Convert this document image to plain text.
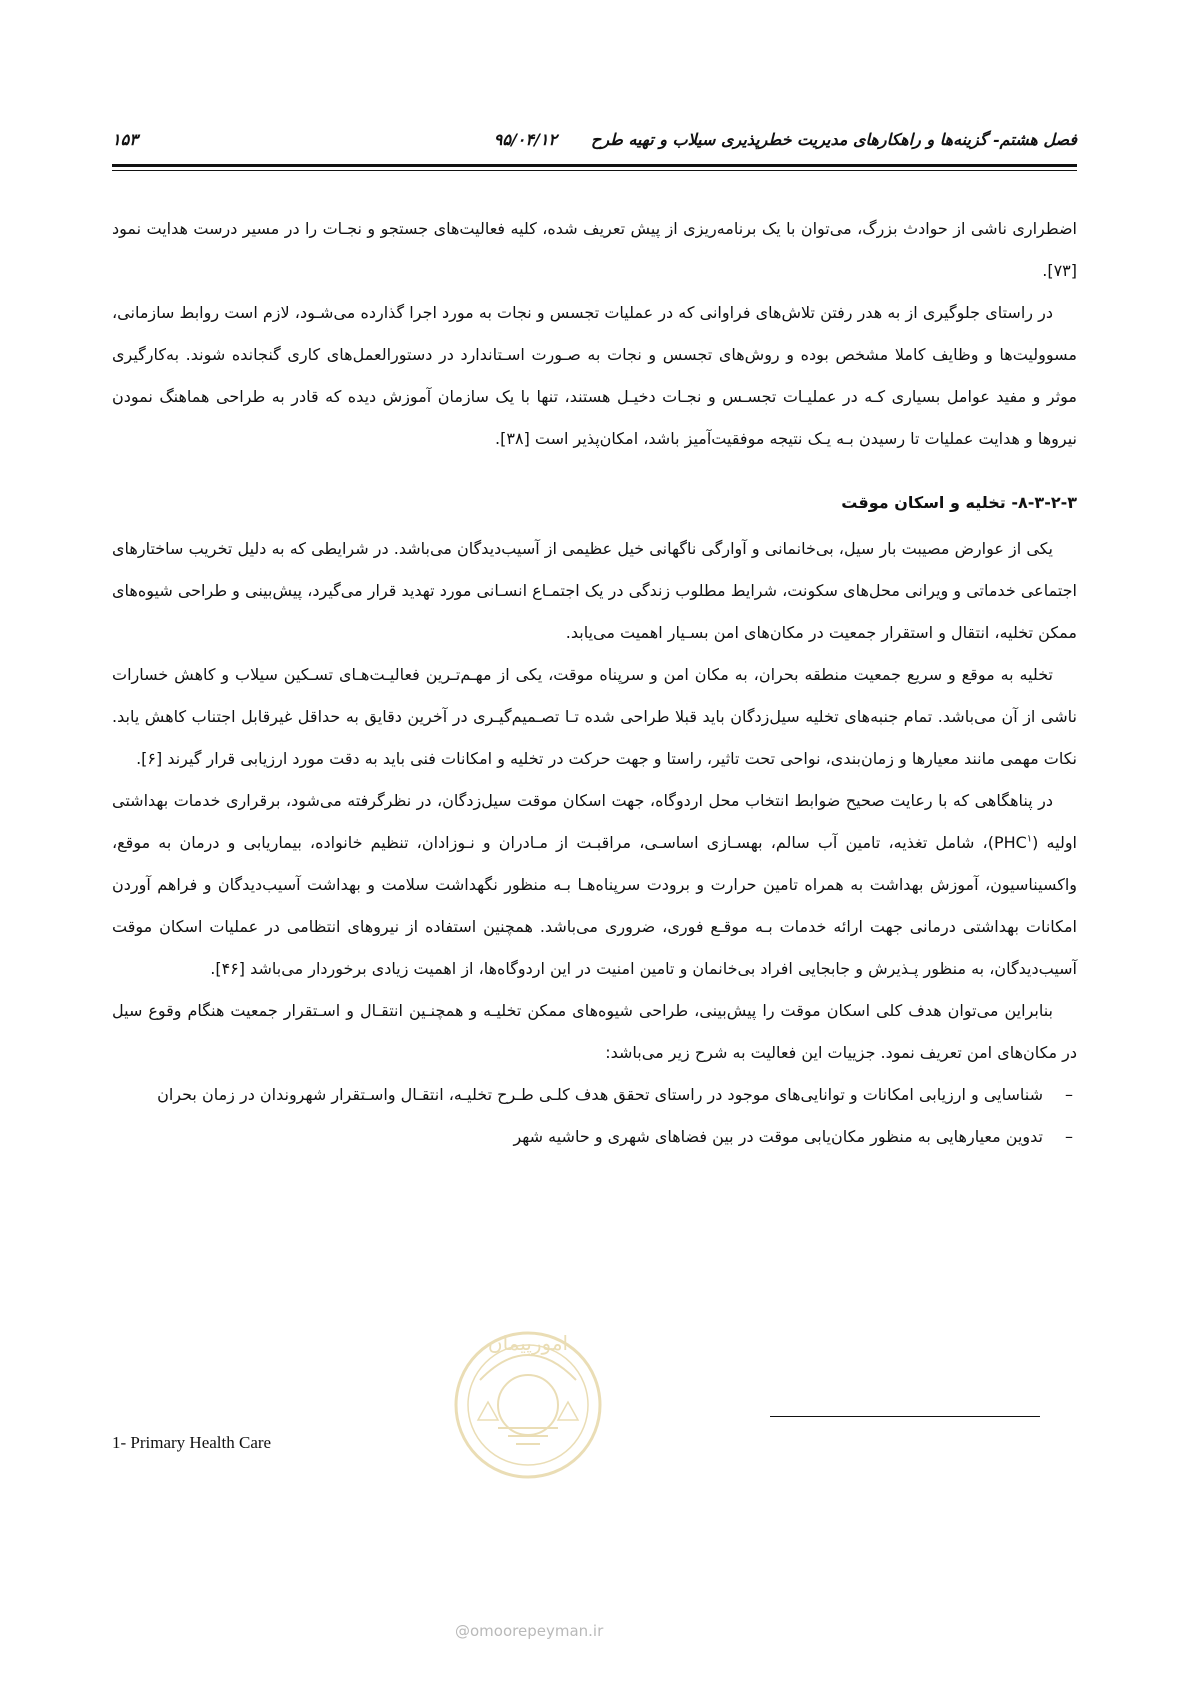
فصل هشتم- گزینه‌ها و راهکارهای مدیریت خطرپذیری سیلاب و تهیه طرح
۹۵/۰۴/۱۲
۱۵۳

اضطراری ناشی از حوادث بزرگ، می‌توان با یک برنامه‌ریزی از پیش تعریف شده، کلیه فعالیت‌های جستجو و نجـات را در مسیر درست هدایت نمود [۷۳].

در راستای جلوگیری از به هدر رفتن تلاش‌های فراوانی که در عملیات تجسس و نجات به مورد اجرا گذارده می‌شـود، لازم است روابط سازمانی، مسوولیت‌ها و وظایف کاملا مشخص بوده و روش‌های تجسس و نجات به صـورت اسـتاندارد در دستورالعمل‌های کاری گنجانده شوند. به‌کارگیری موثر و مفید عوامل بسیاری کـه در عملیـات تجسـس و نجـات دخیـل هستند، تنها با یک سازمان آموزش دیده که قادر به طراحی هماهنگ نمودن نیروها و هدایت عملیات تا رسیدن بـه یـک نتیجه موفقیت‌آمیز باشد، امکان‌پذیر است [۳۸].

۸-۳-۲-۳- تخلیه و اسکان موقت

یکی از عوارض مصیبت بار سیل، بی‌خانمانی و آوارگی ناگهانی خیل عظیمی از آسیب‌دیدگان می‌باشد. در شرایطی که به دلیل تخریب ساختارهای اجتماعی خدماتی و ویرانی محل‌های سکونت، شرایط مطلوب زندگی در یک اجتمـاع انسـانی مورد تهدید قرار می‌گیرد، پیش‌بینی و طراحی شیوه‌های ممکن تخلیه، انتقال و استقرار جمعیت در مکان‌های امن بسـیار اهمیت می‌یابد.

تخلیه به موقع و سریع جمعیت منطقه بحران، به مکان امن و سرپناه موقت، یکی از مهـم‌تـرین فعالیـت‌هـای تسـکین سیلاب و کاهش خسارات ناشی از آن می‌باشد. تمام جنبه‌های تخلیه سیل‌زدگان باید قبلا طراحی شده تـا تصـمیم‌گیـری در آخرین دقایق به حداقل غیرقابل اجتناب کاهش یابد. نکات مهمی مانند معیارها و زمان‌بندی، نواحی تحت تاثیر، راستا و جهت حرکت در تخلیه و امکانات فنی باید به دقت مورد ارزیابی قرار گیرند [۶].

در پناهگاهی که با رعایت صحیح ضوابط انتخاب محل اردوگاه، جهت اسکان موقت سیل‌زدگان، در نظرگرفته می‌شود، برقراری خدمات بهداشتی اولیه (PHC$^۱$)، شامل تغذیه، تامین آب سالم، بهسـازی اساسـی، مراقبـت از مـادران و نـوزادان، تنظیم خانواده، بیماریابی و درمان به موقع، واکسیناسیون، آموزش بهداشت به همراه تامین حرارت و برودت سرپناه‌هـا بـه منظور نگهداشت سلامت و بهداشت آسیب‌دیدگان و فراهم آوردن امکانات بهداشتی درمانی جهت ارائه خدمات بـه موقـع فوری، ضروری می‌باشد. همچنین استفاده از نیروهای انتظامی در عملیات اسکان موقت آسیب‌دیدگان، به منظور پـذیرش و جابجایی افراد بی‌خانمان و تامین امنیت در این اردوگاه‌ها، از اهمیت زیادی برخوردار می‌باشد [۴۶].

بنابراین می‌توان هدف کلی اسکان موقت را پیش‌بینی، طراحی شیوه‌های ممکن تخلیـه و همچنـین انتقـال و اسـتقرار جمعیت هنگام وقوع سیل در مکان‌های امن تعریف نمود. جزییات این فعالیت به شرح زیر می‌باشد:

–
شناسایی و ارزیابی امکانات و توانایی‌های موجود در راستای تحقق هدف کلـی طـرح تخلیـه، انتقـال واسـتقرار شهروندان در زمان بحران
–
تدوین معیارهایی به منظور مکان‌یابی موقت در بین فضاهای شهری و حاشیه شهر
1- Primary Health Care
امورپیمان
@omoorepeyman.ir
